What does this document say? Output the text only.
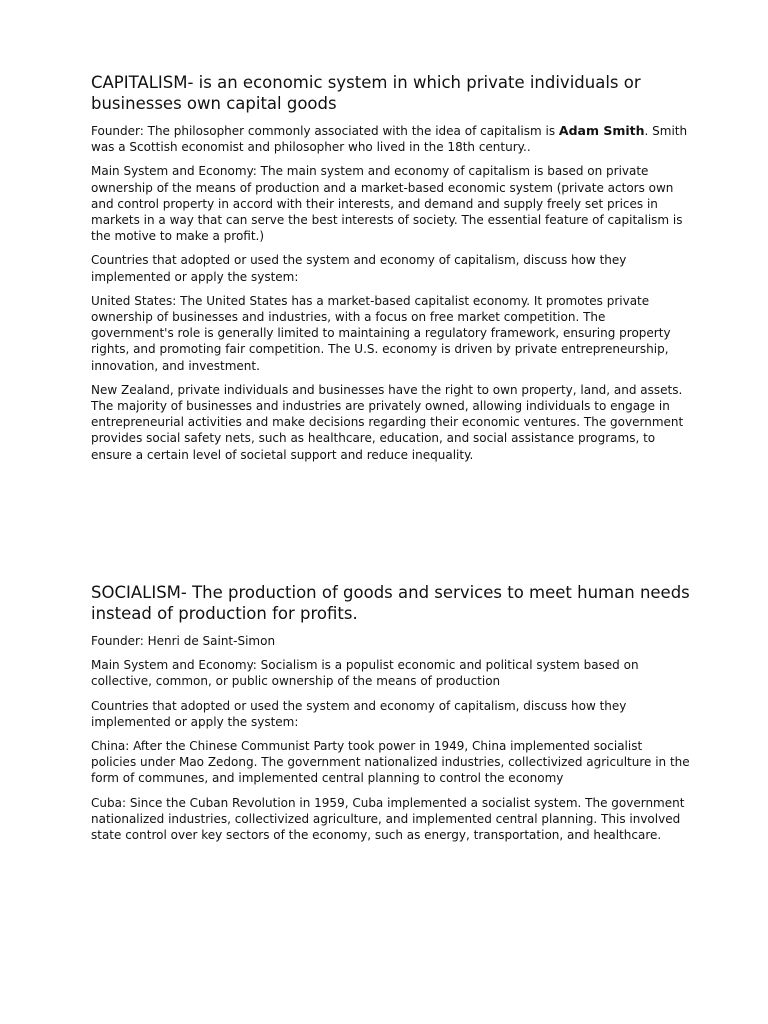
CAPITALISM- is an economic system in which private individuals or businesses own capital goods

Founder: The philosopher commonly associated with the idea of capitalism is Adam Smith. Smith was a Scottish economist and philosopher who lived in the 18th century..

Main System and Economy: The main system and economy of capitalism is based on private ownership of the means of production and a market-based economic system (private actors own and control property in accord with their interests, and demand and supply freely set prices in markets in a way that can serve the best interests of society. The essential feature of capitalism is the motive to make a profit.)

Countries that adopted or used the system and economy of capitalism, discuss how they implemented or apply the system:

United States: The United States has a market-based capitalist economy. It promotes private ownership of businesses and industries, with a focus on free market competition. The government's role is generally limited to maintaining a regulatory framework, ensuring property rights, and promoting fair competition. The U.S. economy is driven by private entrepreneurship, innovation, and investment.

New Zealand, private individuals and businesses have the right to own property, land, and assets. The majority of businesses and industries are privately owned, allowing individuals to engage in entrepreneurial activities and make decisions regarding their economic ventures. The government provides social safety nets, such as healthcare, education, and social assistance programs, to ensure a certain level of societal support and reduce inequality.

SOCIALISM- The production of goods and services to meet human needs instead of production for profits.

Founder: Henri de Saint-Simon

Main System and Economy: Socialism is a populist economic and political system based on collective, common, or public ownership of the means of production

Countries that adopted or used the system and economy of capitalism, discuss how they implemented or apply the system:

China: After the Chinese Communist Party took power in 1949, China implemented socialist policies under Mao Zedong. The government nationalized industries, collectivized agriculture in the form of communes, and implemented central planning to control the economy

Cuba: Since the Cuban Revolution in 1959, Cuba implemented a socialist system. The government nationalized industries, collectivized agriculture, and implemented central planning. This involved state control over key sectors of the economy, such as energy, transportation, and healthcare.
